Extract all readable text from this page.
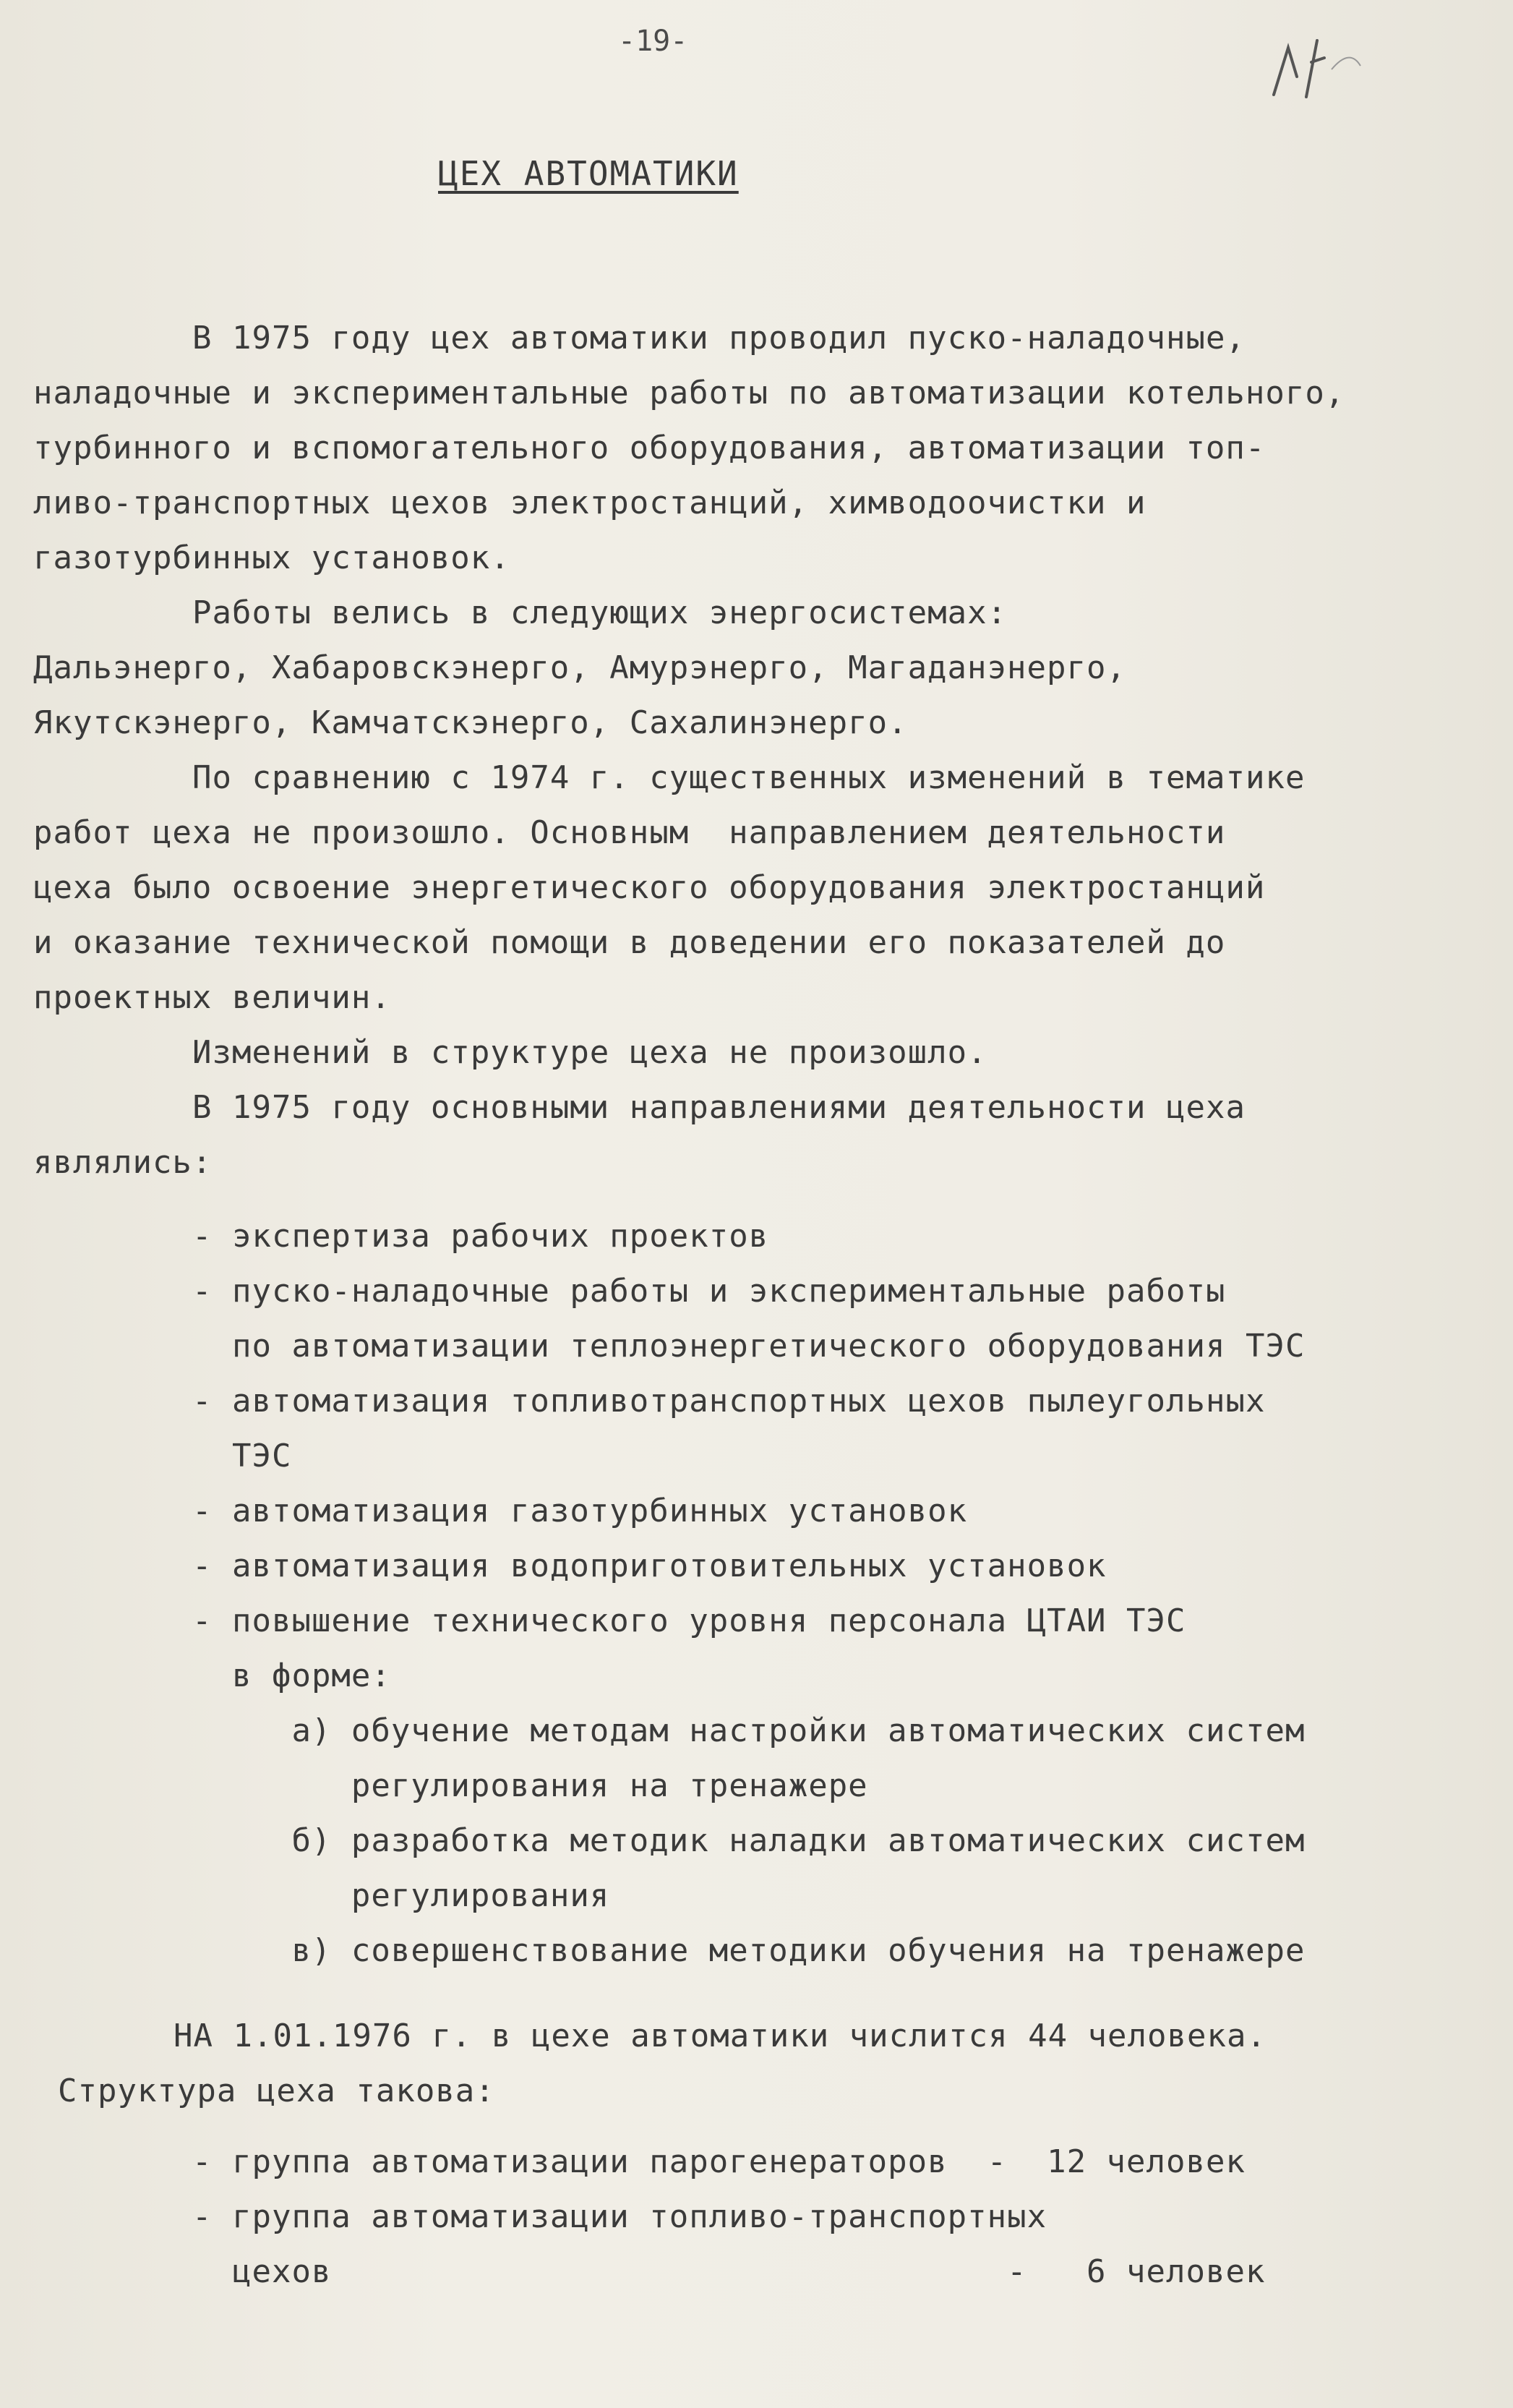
-19-
ЦЕХ АВТОМАТИКИ
В 1975 году цех автоматики проводил пуско-наладочные,
наладочные и экспериментальные работы по автоматизации котельного,
турбинного и вспомогательного оборудования, автоматизации топ-
ливо-транспортных цехов электростанций, химводоочистки и
газотурбинных установок.
Работы велись в следующих энергосистемах:
Дальэнерго, Хабаровскэнерго, Амурэнерго, Магаданэнерго,
Якутскэнерго, Камчатскэнерго, Сахалинэнерго.
По сравнению с 1974 г. существенных изменений в тематике
работ цеха не произошло. Основным  направлением деятельности
цеха было освоение энергетического оборудования электростанций
и оказание технической помощи в доведении его показателей до
проектных величин.
Изменений в структуре цеха не произошло.
В 1975 году основными направлениями деятельности цеха
являлись:
- экспертиза рабочих проектов
- пуско-наладочные работы и экспериментальные работы
по автоматизации теплоэнергетического оборудования ТЭС
- автоматизация топливотранспортных цехов пылеугольных
ТЭС
- автоматизация газотурбинных установок
- автоматизация водоприготовительных установок
- повышение технического уровня персонала ЦТАИ ТЭС
в форме:
а) обучение методам настройки автоматических систем
регулирования на тренажере
б) разработка методик наладки автоматических систем
регулирования
в) совершенствование методики обучения на тренажере
НА 1.01.1976 г. в цехе автоматики числится 44 человека.
Структура цеха такова:
- группа автоматизации парогенераторов  -  12 человек
- группа автоматизации топливо-транспортных
цехов                                  -   6 человек
